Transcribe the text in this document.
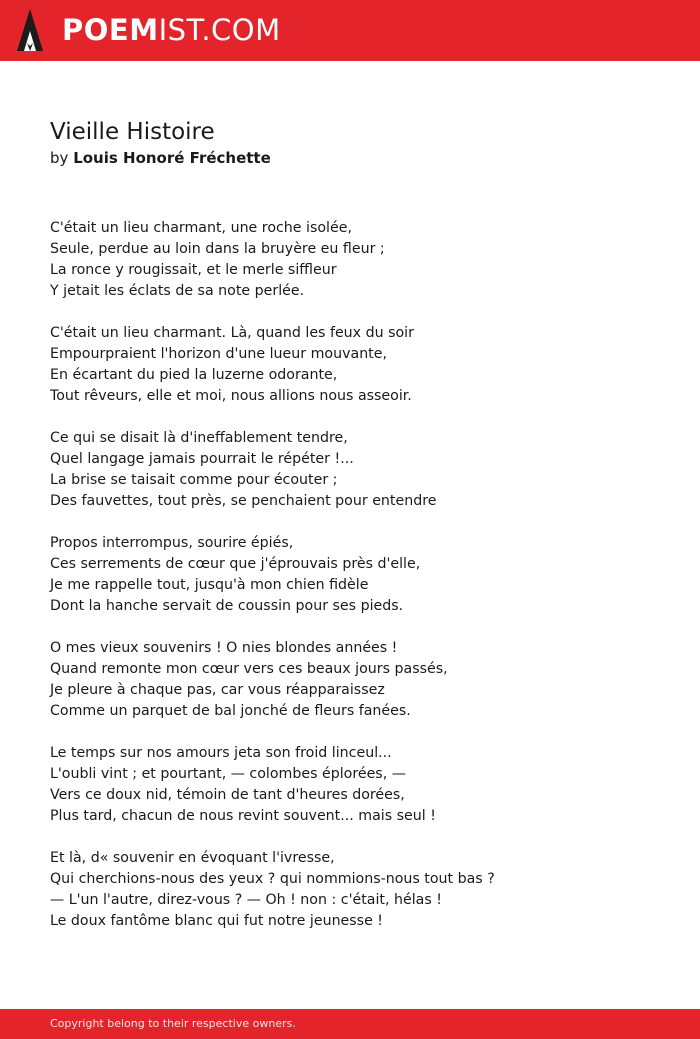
POEMIST.COM
Vieille Histoire
by Louis Honoré Fréchette
C'était un lieu charmant, une roche isolée,
Seule, perdue au loin dans la bruyère eu fleur ;
La ronce y rougissait, et le merle siffleur
Y jetait les éclats de sa note perlée.
C'était un lieu charmant. Là, quand les feux du soir
Empourpraient l'horizon d'une lueur mouvante,
En écartant du pied la luzerne odorante,
Tout rêveurs, elle et moi, nous allions nous asseoir.
Ce qui se disait là d'ineffablement tendre,
Quel langage jamais pourrait le répéter !...
La brise se taisait comme pour écouter ;
Des fauvettes, tout près, se penchaient pour entendre
Propos interrompus, sourire épiés,
Ces serrements de cœur que j'éprouvais près d'elle,
Je me rappelle tout, jusqu'à mon chien fidèle
Dont la hanche servait de coussin pour ses pieds.
O mes vieux souvenirs ! O nies blondes années !
Quand remonte mon cœur vers ces beaux jours passés,
Je pleure à chaque pas, car vous réapparaissez
Comme un parquet de bal jonché de fleurs fanées.
Le temps sur nos amours jeta son froid linceul...
L'oubli vint ; et pourtant, — colombes éplorées, —
Vers ce doux nid, témoin de tant d'heures dorées,
Plus tard, chacun de nous revint souvent... mais seul !
Et là, d« souvenir en évoquant l'ivresse,
Qui cherchions-nous des yeux ? qui nommions-nous tout bas ?
— L'un l'autre, direz-vous ? — Oh ! non : c'était, hélas !
Le doux fantôme blanc qui fut notre jeunesse !
Copyright belong to their respective owners.
